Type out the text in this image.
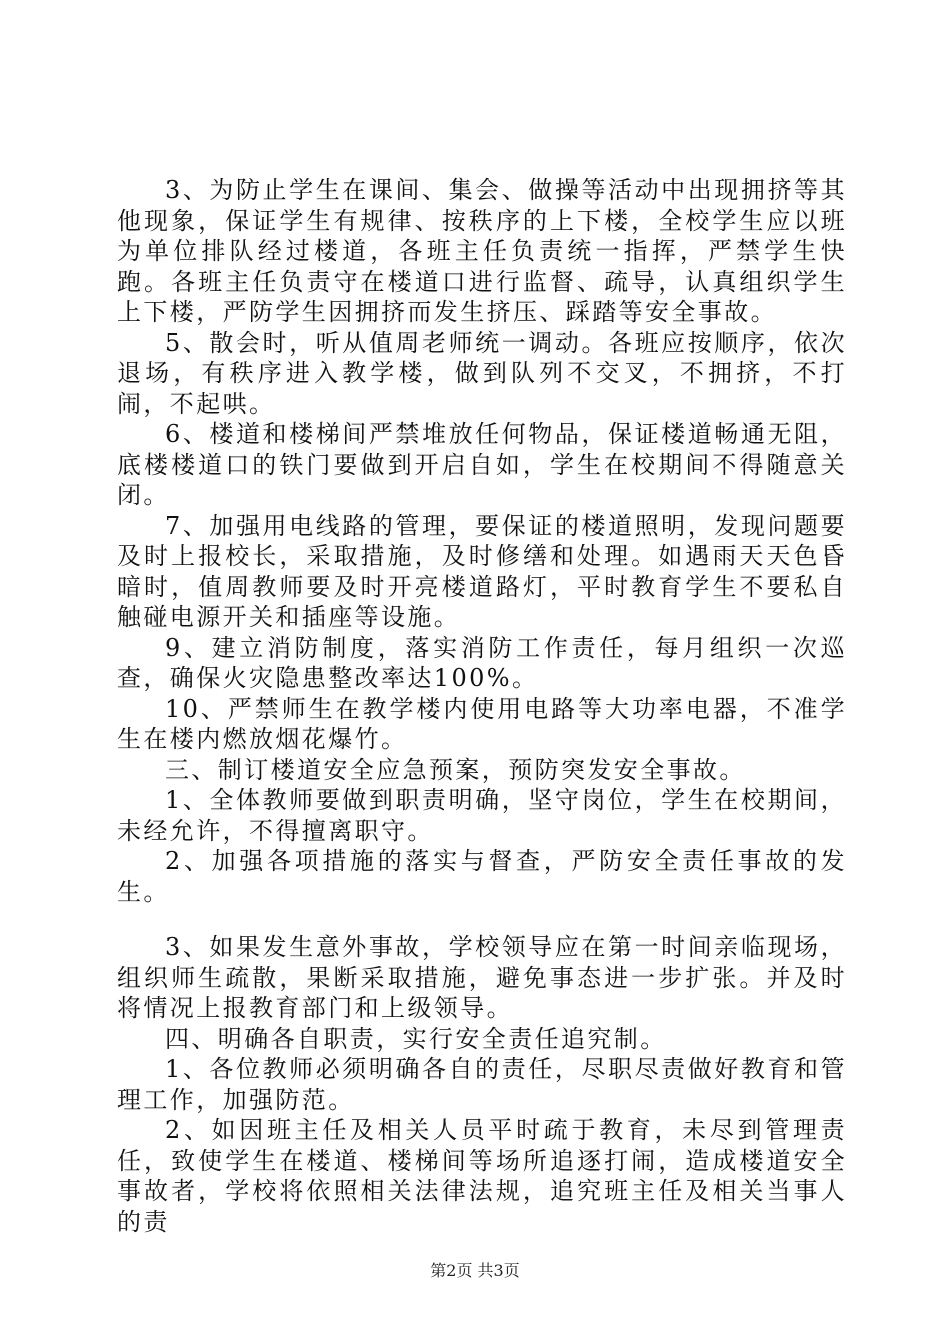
3、为防止学生在课间、集会、做操等活动中出现拥挤等其他现象，保证学生有规律、按秩序的上下楼，全校学生应以班为单位排队经过楼道，各班主任负责统一指挥，严禁学生快跑。各班主任负责守在楼道口进行监督、疏导，认真组织学生上下楼，严防学生因拥挤而发生挤压、踩踏等安全事故。

5、散会时，听从值周老师统一调动。各班应按顺序，依次退场，有秩序进入教学楼，做到队列不交叉，不拥挤，不打闹，不起哄。

6、楼道和楼梯间严禁堆放任何物品，保证楼道畅通无阻，底楼楼道口的铁门要做到开启自如，学生在校期间不得随意关闭。

7、加强用电线路的管理，要保证的楼道照明，发现问题要及时上报校长，采取措施，及时修缮和处理。如遇雨天天色昏暗时，值周教师要及时开亮楼道路灯，平时教育学生不要私自触碰电源开关和插座等设施。

9、建立消防制度，落实消防工作责任，每月组织一次巡查，确保火灾隐患整改率达100%。

10、严禁师生在教学楼内使用电路等大功率电器，不准学生在楼内燃放烟花爆竹。

三、制订楼道安全应急预案，预防突发安全事故。

1、全体教师要做到职责明确，坚守岗位，学生在校期间，未经允许，不得擅离职守。

2、加强各项措施的落实与督查，严防安全责任事故的发生。

3、如果发生意外事故，学校领导应在第一时间亲临现场，组织师生疏散，果断采取措施，避免事态进一步扩张。并及时将情况上报教育部门和上级领导。

四、明确各自职责，实行安全责任追究制。

1、各位教师必须明确各自的责任，尽职尽责做好教育和管理工作，加强防范。

2、如因班主任及相关人员平时疏于教育，未尽到管理责任，致使学生在楼道、楼梯间等场所追逐打闹，造成楼道安全事故者，学校将依照相关法律法规，追究班主任及相关当事人的责

第2页 共3页
